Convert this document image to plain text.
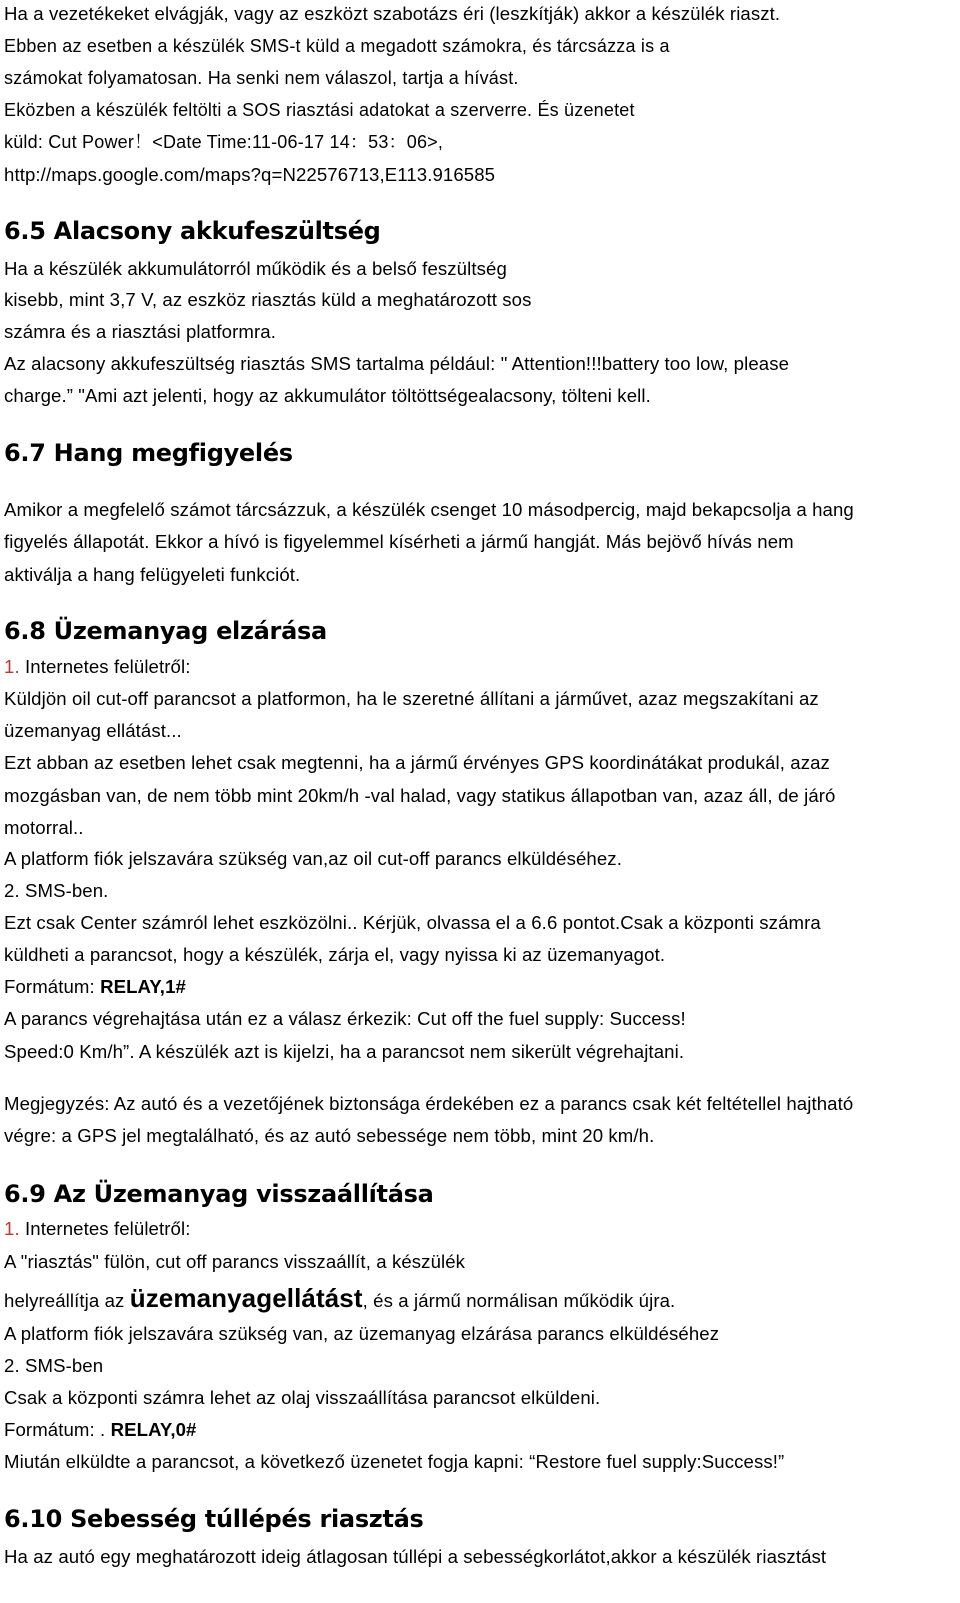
Ha a vezetékeket elvágják, vagy az eszközt szabotázs éri (leszkítják) akkor a készülék riaszt.
Ebben az esetben a készülék SMS-t küld a megadott számokra, és tárcsázza is a
számokat folyamatosan. Ha senki nem válaszol, tartja a hívást.
Eközben a készülék feltölti a SOS riasztási adatokat a szerverre. És üzenetet
küld: Cut Power！<Date Time:11-06-17 14：53：06>,
http://maps.google.com/maps?q=N22576713,E113.916585
6.5 Alacsony akkufeszültség
Ha a készülék akkumulátorról működik és a belső feszültség
kisebb, mint 3,7 V, az eszköz riasztás küld a meghatározott sos
számra és a riasztási platformra.
Az alacsony akkufeszültség riasztás SMS tartalma például: " Attention!!!battery too low, please
charge.” "Ami azt jelenti, hogy az akkumulátor töltöttségealacsony, tölteni kell.
6.7 Hang megfigyelés
Amikor a megfelelő számot tárcsázzuk, a készülék csenget 10 másodpercig, majd bekapcsolja a hang
figyelés állapotát. Ekkor a hívó is figyelemmel kísérheti a jármű hangját. Más bejövő hívás nem
aktiválja a hang felügyeleti funkciót.
6.8 Üzemanyag elzárása
1. Internetes felületről:
Küldjön oil cut-off parancsot a platformon, ha le szeretné állítani a járművet, azaz megszakítani az
üzemanyag ellátást...
Ezt abban az esetben lehet csak megtenni, ha a jármű érvényes GPS koordinátákat produkál, azaz
mozgásban van, de nem több mint 20km/h -val halad, vagy statikus állapotban van, azaz áll, de járó
motorral..
A platform fiók jelszavára szükség van,az oil cut-off parancs elküldéséhez.
2. SMS-ben.
Ezt csak Center számról lehet eszközölni.. Kérjük, olvassa el a 6.6 pontot.Csak a központi számra
küldheti a parancsot, hogy a készülék, zárja el, vagy nyissa ki az üzemanyagot.
Formátum: RELAY,1#
A parancs végrehajtása után ez a válasz érkezik: Cut off the fuel supply: Success!
Speed:0 Km/h”. A készülék azt is kijelzi, ha a parancsot nem sikerült végrehajtani.
Megjegyzés: Az autó és a vezetőjének biztonsága érdekében ez a parancs csak két feltétellel hajtható
végre: a GPS jel megtalálható, és az autó sebessége nem több, mint 20 km/h.
6.9 Az Üzemanyag visszaállítása
1. Internetes felületről:
A "riasztás" fülön, cut off parancs visszaállít, a készülék
helyreállítja az üzemanyagellátást, és a jármű normálisan működik újra.
A platform fiók jelszavára szükség van, az üzemanyag elzárása parancs elküldéséhez
2. SMS-ben
Csak a központi számra lehet az olaj visszaállítása parancsot elküldeni.
Formátum: . RELAY,0#
Miután elküldte a parancsot, a következő üzenetet fogja kapni: “Restore fuel supply:Success!”
6.10 Sebesség túllépés riasztás
Ha az autó egy meghatározott ideig átlagosan túllépi a sebességkorlátot,akkor a készülék riasztást
